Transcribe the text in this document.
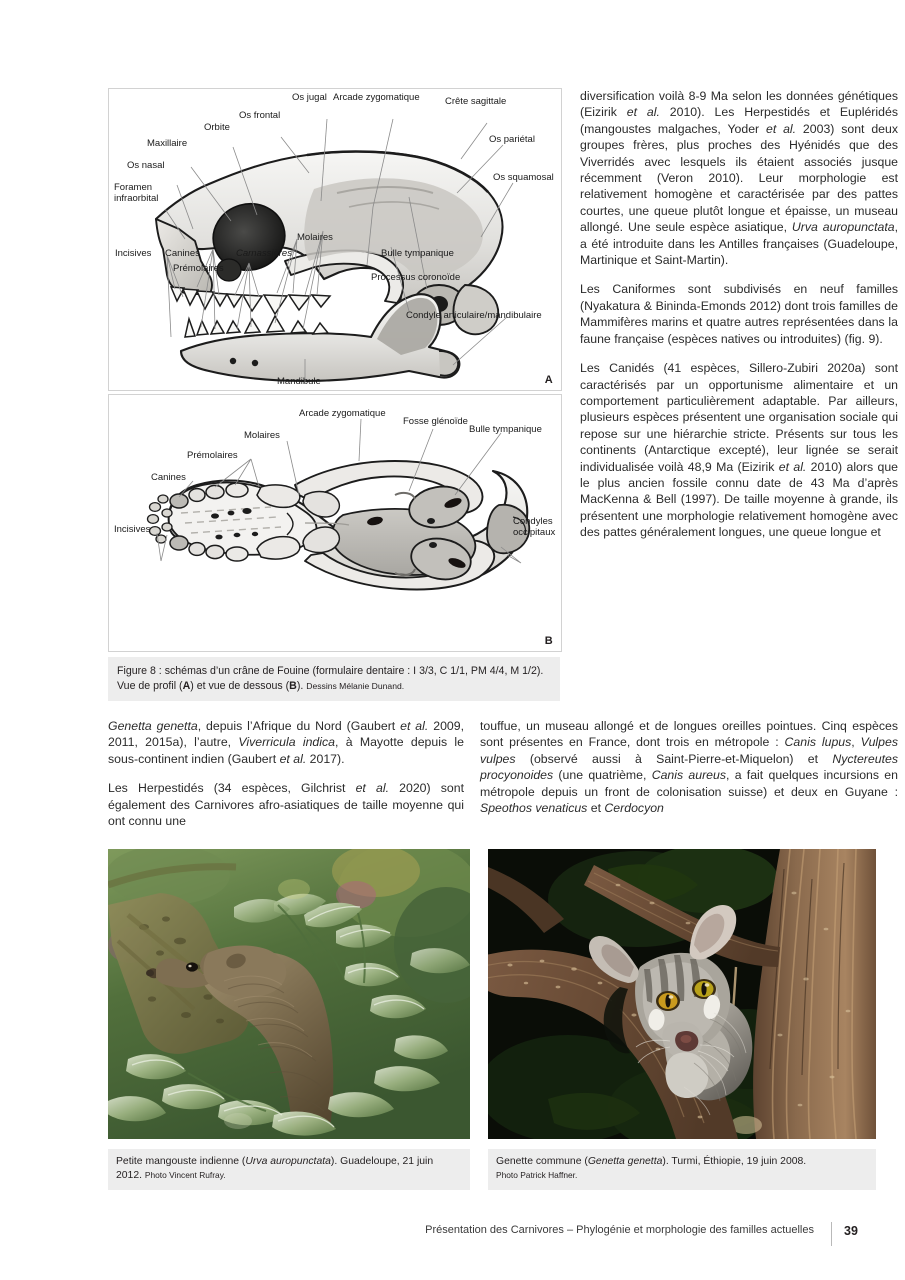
Os jugal Arcade zygomatique	Crête sagittale
Os frontal
Orbite
Maxillaire
Os nasal
Foramen infraorbital
Os pariétal
Os squamosal
Incisives Canines
Prémolaires
Carnassières
Molaires
Bulle tympanique
Processus coronoïde
Condyle articulaire/mandibulaire
Mandibule	A
Arcade zygomatique
Fosse glénoïde
Bulle tympanique
Molaires
Prémolaires
Canines
Incisives
Condyles occipitaux
B
Figure 8 : schémas d’un crâne de Fouine (formulaire dentaire : I 3/3, C 1/1, PM 4/4, M 1/2). Vue de profil (A) et vue de dessous (B). Dessins Mélanie Dunand.

diversification voilà 8-9 Ma selon les données génétiques (Eizirik et al. 2010). Les Herpestidés et Eupléridés (mangoustes malgaches, Yoder et al. 2003) sont deux groupes frères, plus proches des Hyénidés que des Viverridés avec lesquels ils étaient associés jusque récemment (Veron 2010). Leur morphologie est relativement homogène et caractérisée par des pattes courtes, une queue plutôt longue et épaisse, un museau allongé. Une seule espèce asiatique, Urva auropunctata, a été introduite dans les Antilles françaises (Guadeloupe, Martinique et Saint-Martin).

Les Caniformes sont subdivisés en neuf familles (Nyakatura & Bininda-Emonds 2012) dont trois familles de Mammifères marins et quatre autres représentées dans la faune française (espèces natives ou introduites) (fig. 9).

Les Canidés (41 espèces, Sillero-Zubiri 2020a) sont caractérisés par un opportunisme alimentaire et un comportement particulièrement adaptable. Par ailleurs, plusieurs espèces présentent une organisation sociale qui repose sur une hiérarchie stricte. Présents sur tous les continents (Antarctique excepté), leur lignée se serait individualisée voilà 48,9 Ma (Eizirik et al. 2010) alors que le plus ancien fossile connu date de 43 Ma d’après MacKenna & Bell (1997). De taille moyenne à grande, ils présentent une morphologie relativement homogène avec des pattes généralement longues, une queue longue et

Genetta genetta, depuis l’Afrique du Nord (Gaubert et al. 2009, 2011, 2015a), l’autre, Viverricula indica, à Mayotte depuis le sous-continent indien (Gaubert et al. 2017).

Les Herpestidés (34 espèces, Gilchrist et al. 2020) sont également des Carnivores afro-asiatiques de taille moyenne qui ont connu une

touffue, un museau allongé et de longues oreilles pointues. Cinq espèces sont présentes en France, dont trois en métropole : Canis lupus, Vulpes vulpes (observé aussi à Saint-Pierre-et-Miquelon) et Nyctereutes procyonoides (une quatrième, Canis aureus, a fait quelques incursions en métropole depuis un front de colonisation suisse) et deux en Guyane : Speothos venaticus et Cerdocyon

Petite mangouste indienne (Urva auropunctata). Guadeloupe, 21 juin 2012. Photo Vincent Rufray.
Genette commune (Genetta genetta). Turmi, Éthiopie, 19 juin 2008.
Photo Patrick Haffner.
Présentation des Carnivores – Phylogénie et morphologie des familles actuelles 39
